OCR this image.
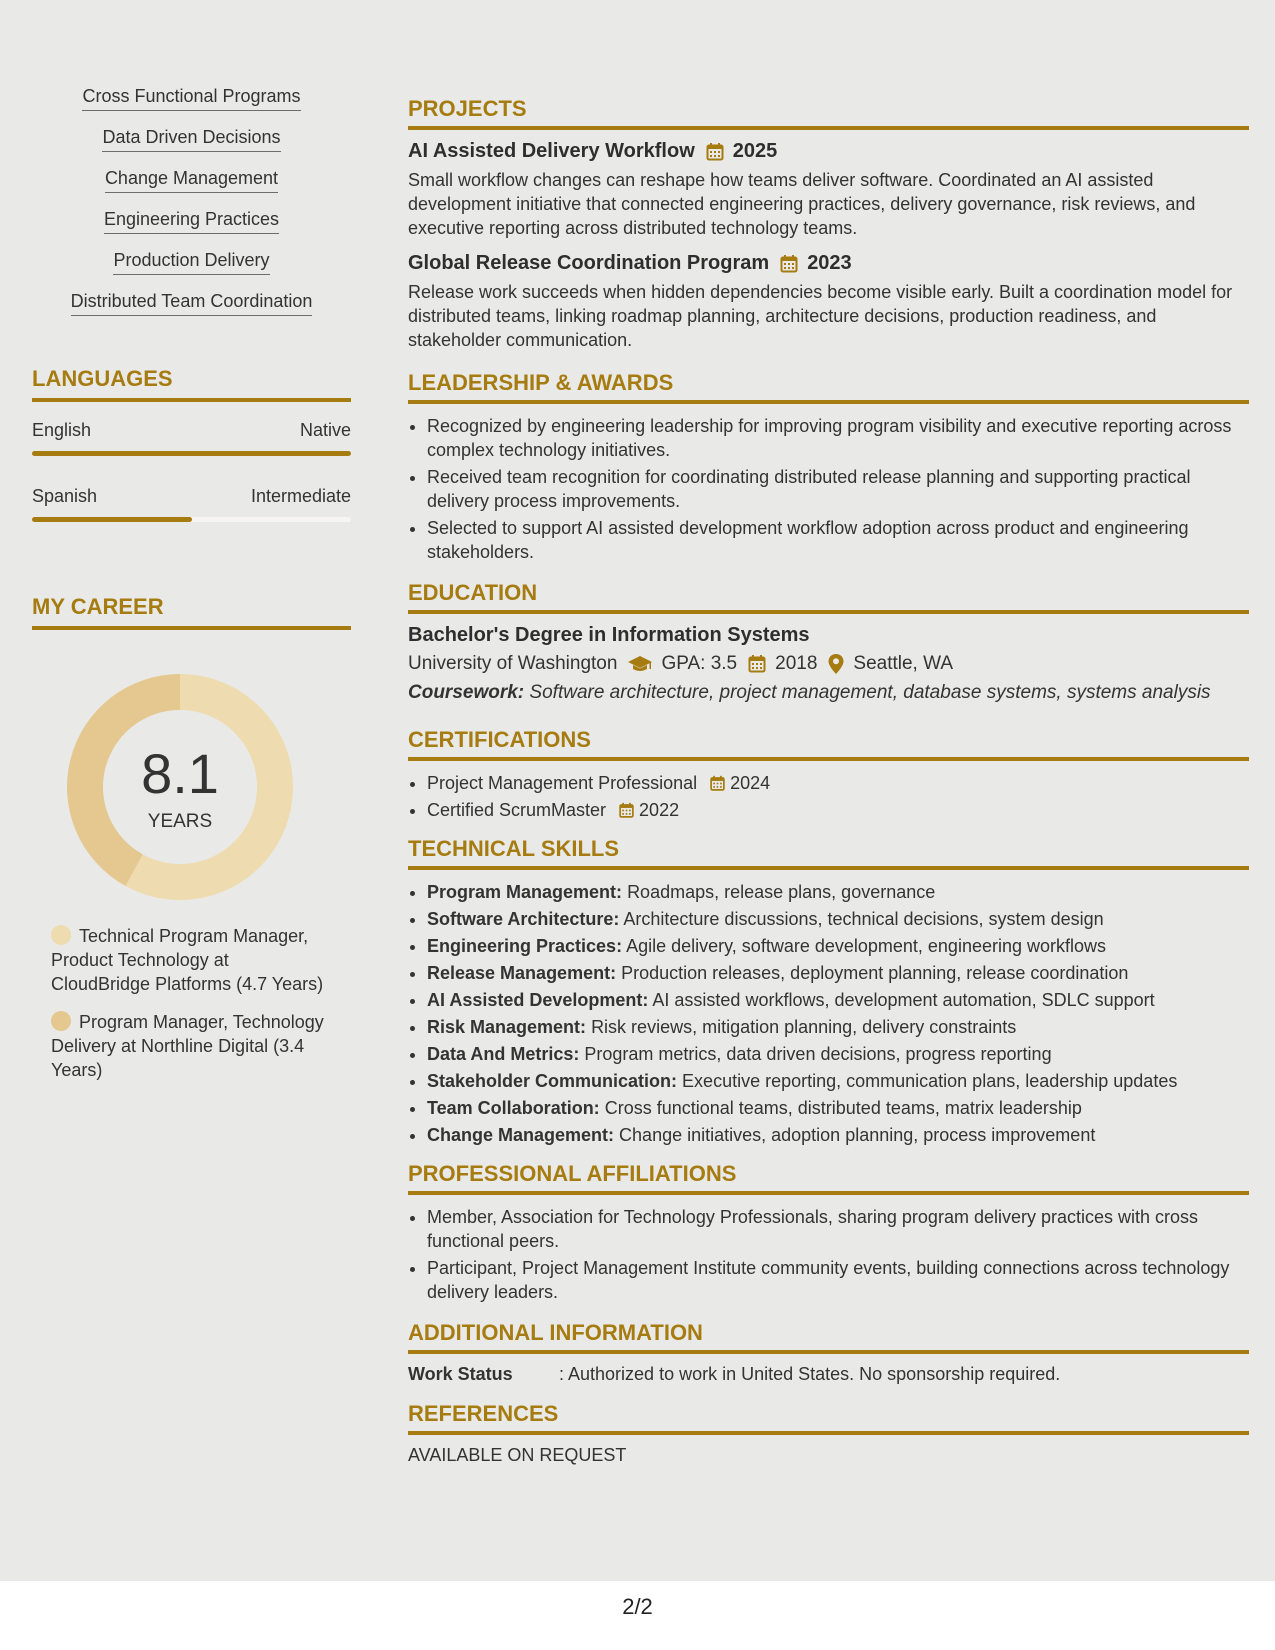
Cross Functional Programs
Data Driven Decisions
Change Management
Engineering Practices
Production Delivery
Distributed Team Coordination
LANGUAGES
English	Native
Spanish	Intermediate
MY CAREER
8.1
YEARS
Technical Program Manager, Product Technology at CloudBridge Platforms (4.7 Years)
Program Manager, Technology Delivery at Northline Digital (3.4 Years)
PROJECTS
AI Assisted Delivery Workflow 2025
Small workflow changes can reshape how teams deliver software. Coordinated an AI assisted development initiative that connected engineering practices, delivery governance, risk reviews, and executive reporting across distributed technology teams.
Global Release Coordination Program 2023
Release work succeeds when hidden dependencies become visible early. Built a coordination model for distributed teams, linking roadmap planning, architecture decisions, production readiness, and stakeholder communication.
LEADERSHIP & AWARDS
• Recognized by engineering leadership for improving program visibility and executive reporting across complex technology initiatives.
• Received team recognition for coordinating distributed release planning and supporting practical delivery process improvements.
• Selected to support AI assisted development workflow adoption across product and engineering stakeholders.
EDUCATION
Bachelor's Degree in Information Systems
University of Washington GPA: 3.5 2018 Seattle, WA
Coursework: Software architecture, project management, database systems, systems analysis
CERTIFICATIONS
• Project Management Professional 2024
• Certified ScrumMaster 2022
TECHNICAL SKILLS
• Program Management: Roadmaps, release plans, governance
• Software Architecture: Architecture discussions, technical decisions, system design
• Engineering Practices: Agile delivery, software development, engineering workflows
• Release Management: Production releases, deployment planning, release coordination
• AI Assisted Development: AI assisted workflows, development automation, SDLC support
• Risk Management: Risk reviews, mitigation planning, delivery constraints
• Data And Metrics: Program metrics, data driven decisions, progress reporting
• Stakeholder Communication: Executive reporting, communication plans, leadership updates
• Team Collaboration: Cross functional teams, distributed teams, matrix leadership
• Change Management: Change initiatives, adoption planning, process improvement
PROFESSIONAL AFFILIATIONS
• Member, Association for Technology Professionals, sharing program delivery practices with cross functional peers.
• Participant, Project Management Institute community events, building connections across technology delivery leaders.
ADDITIONAL INFORMATION
Work Status	: Authorized to work in United States. No sponsorship required.
REFERENCES
AVAILABLE ON REQUEST
2/2
